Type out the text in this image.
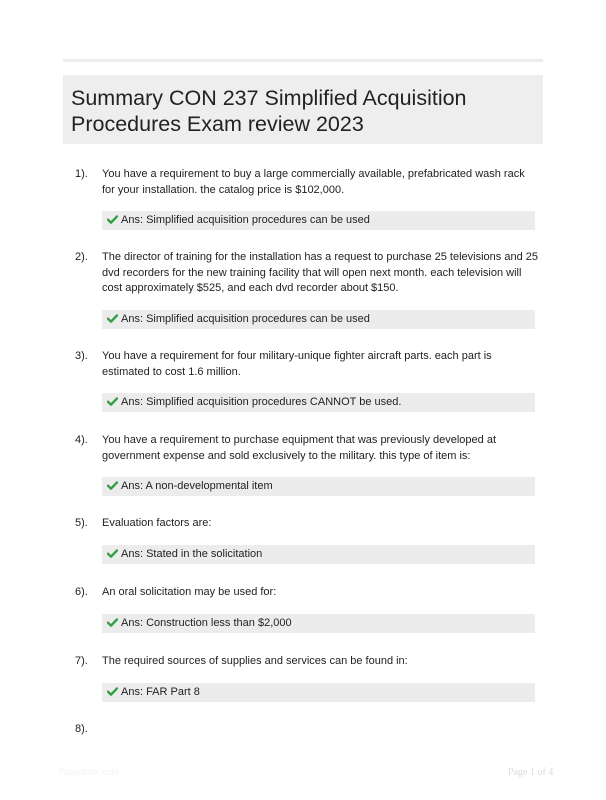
Summary CON 237 Simplified Acquisition Procedures Exam review 2023
1). You have a requirement to buy a large commercially available, prefabricated wash rack for your installation. the catalog price is $102,000.
Ans: Simplified acquisition procedures can be used
2). The director of training for the installation has a request to purchase 25 televisions and 25 dvd recorders for the new training facility that will open next month. each television will cost approximately $525, and each dvd recorder about $150.
Ans: Simplified acquisition procedures can be used
3). You have a requirement for four military-unique fighter aircraft parts. each part is estimated to cost 1.6 million.
Ans: Simplified acquisition procedures CANNOT be used.
4). You have a requirement to purchase equipment that was previously developed at government expense and sold exclusively to the military. this type of item is:
Ans: A non-developmental item
5). Evaluation factors are:
Ans: Stated in the solicitation
6). An oral solicitation may be used for:
Ans: Construction less than $2,000
7). The required sources of supplies and services can be found in:
Ans: FAR Part 8
8).
Papertutor.com	Page 1 of 4
